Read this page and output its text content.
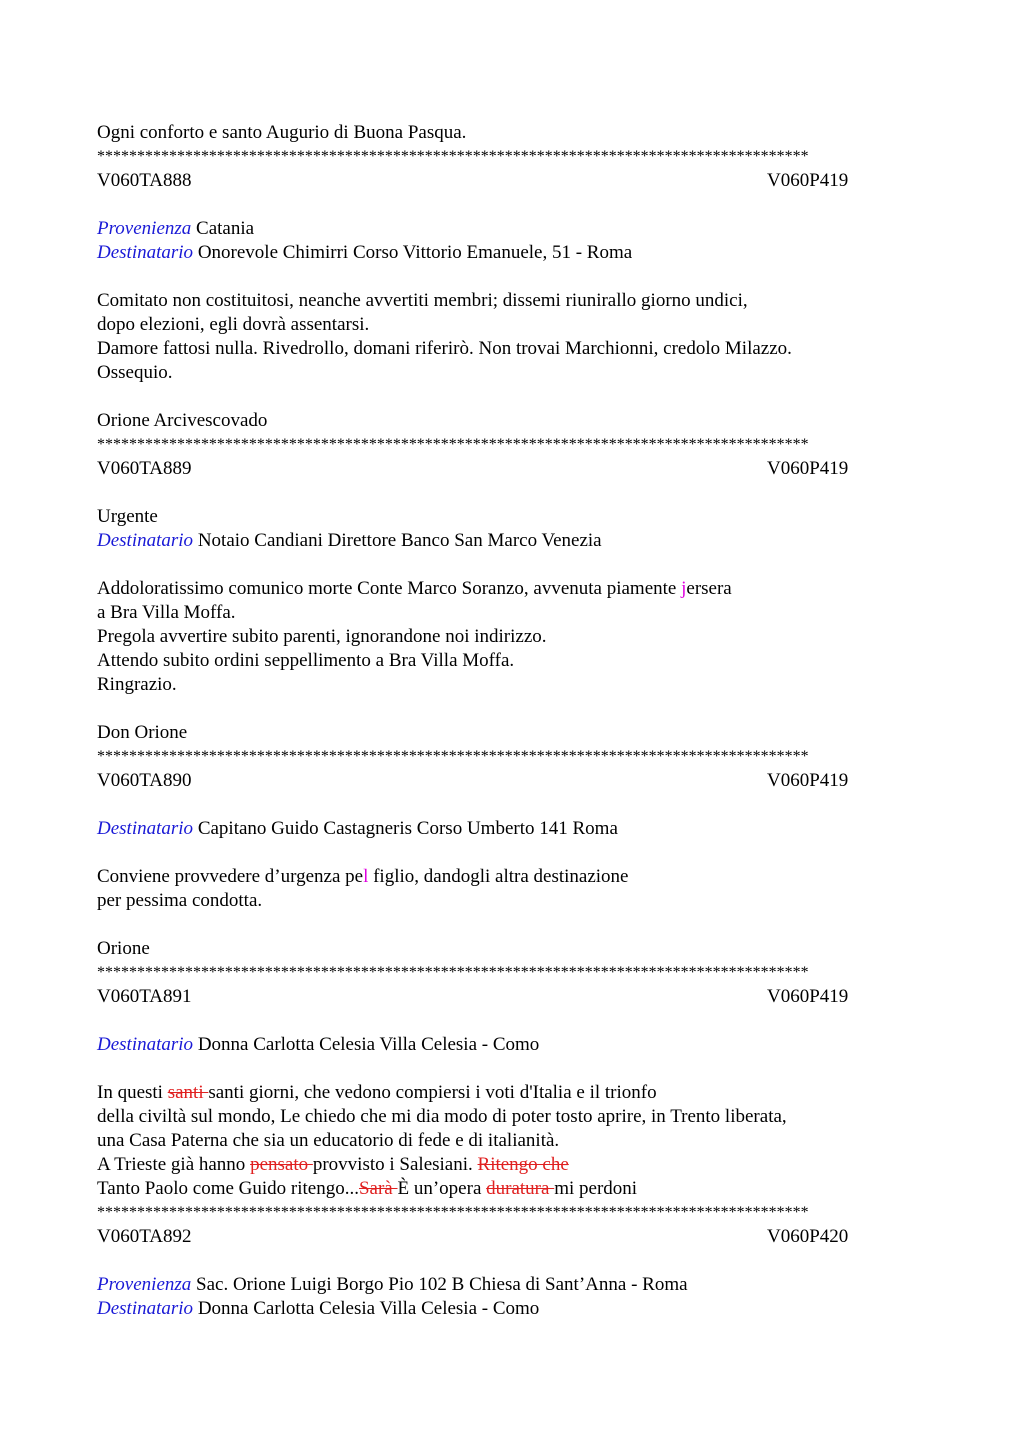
Ogni conforto e santo Augurio di Buona Pasqua.
*****************************************************************************************
V060TA888	V060P419
Provenienza Catania
Destinatario Onorevole Chimirri Corso Vittorio Emanuele, 51 - Roma
Comitato non costituitosi, neanche avvertiti membri; dissemi riunirallo giorno undici,
dopo elezioni, egli dovrà assentarsi.
Damore fattosi nulla. Rivedrollo, domani riferirò. Non trovai Marchionni, credolo Milazzo.
Ossequio.
Orione Arcivescovado
*****************************************************************************************
V060TA889	V060P419
Urgente
Destinatario Notaio Candiani Direttore Banco San Marco Venezia
Addoloratissimo comunico morte Conte Marco Soranzo, avvenuta piamente jersera
a Bra Villa Moffa.
Pregola avvertire subito parenti, ignorandone noi indirizzo.
Attendo subito ordini seppellimento a Bra Villa Moffa.
Ringrazio.
Don Orione
*****************************************************************************************
V060TA890	V060P419
Destinatario Capitano Guido Castagneris Corso Umberto 141 Roma
Conviene provvedere d’urgenza pel figlio, dandogli altra destinazione
per pessima condotta.
Orione
*****************************************************************************************
V060TA891	V060P419
Destinatario Donna Carlotta Celesia Villa Celesia - Como
In questi santi santi giorni, che vedono compiersi i voti d'Italia e il trionfo
della civiltà sul mondo, Le chiedo che mi dia modo di poter tosto aprire, in Trento liberata,
una Casa Paterna che sia un educatorio di fede e di italianità.
A Trieste già hanno pensato provvisto i Salesiani. Ritengo che
Tanto Paolo come Guido ritengo...Sarà È un’opera duratura mi perdoni
*****************************************************************************************
V060TA892	V060P420
Provenienza Sac. Orione Luigi Borgo Pio 102 B Chiesa di Sant’Anna - Roma
Destinatario Donna Carlotta Celesia Villa Celesia - Como
